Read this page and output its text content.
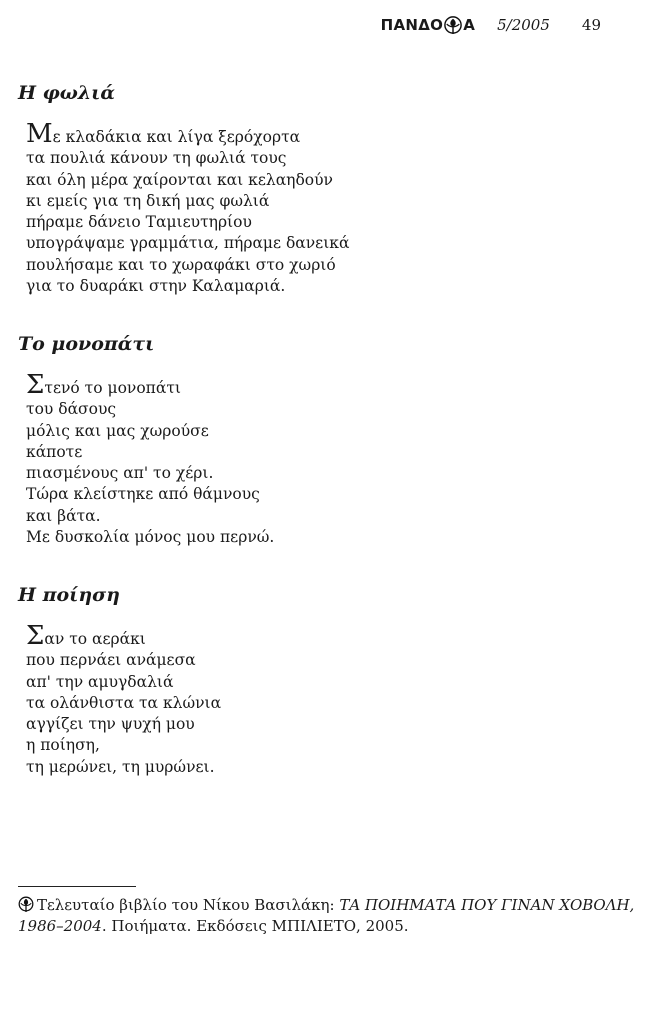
ΠΑΝΔΟ Α 5/2005 49
Η φωλιά
Με κλαδάκια και λίγα ξερόχορτα
τα πουλιά κάνουν τη φωλιά τους
και όλη μέρα χαίρονται και κελαηδούν
κι εμείς για τη δική μας φωλιά
πήραμε δάνειο Ταμιευτηρίου
υπογράψαμε γραμμάτια, πήραμε δανεικά
πουλήσαμε και το χωραφάκι στο χωριό
για το δυαράκι στην Καλαμαριά.
Το μονοπάτι
Στενό το μονοπάτι
του δάσους
μόλις και μας χωρούσε
κάποτε
πιασμένους απ' το χέρι.
Τώρα κλείστηκε από θάμνους
και βάτα.
Με δυσκολία μόνος μου περνώ.
Η ποίηση
Σαν το αεράκι
που περνάει ανάμεσα
απ' την αμυγδαλιά
τα ολάνθιστα τα κλώνια
αγγίζει την ψυχή μου
η ποίηση,
τη μερώνει, τη μυρώνει.
Τελευταίο βιβλίο του Νίκου Βασιλάκη: ΤΑ ΠΟΙΗΜΑΤΑ ΠΟΥ ΓΙΝΑΝ ΧΟΒΟΛΗ,
1986–2004. Ποιήματα. Εκδόσεις ΜΠΙΛΙΕΤΟ, 2005.
